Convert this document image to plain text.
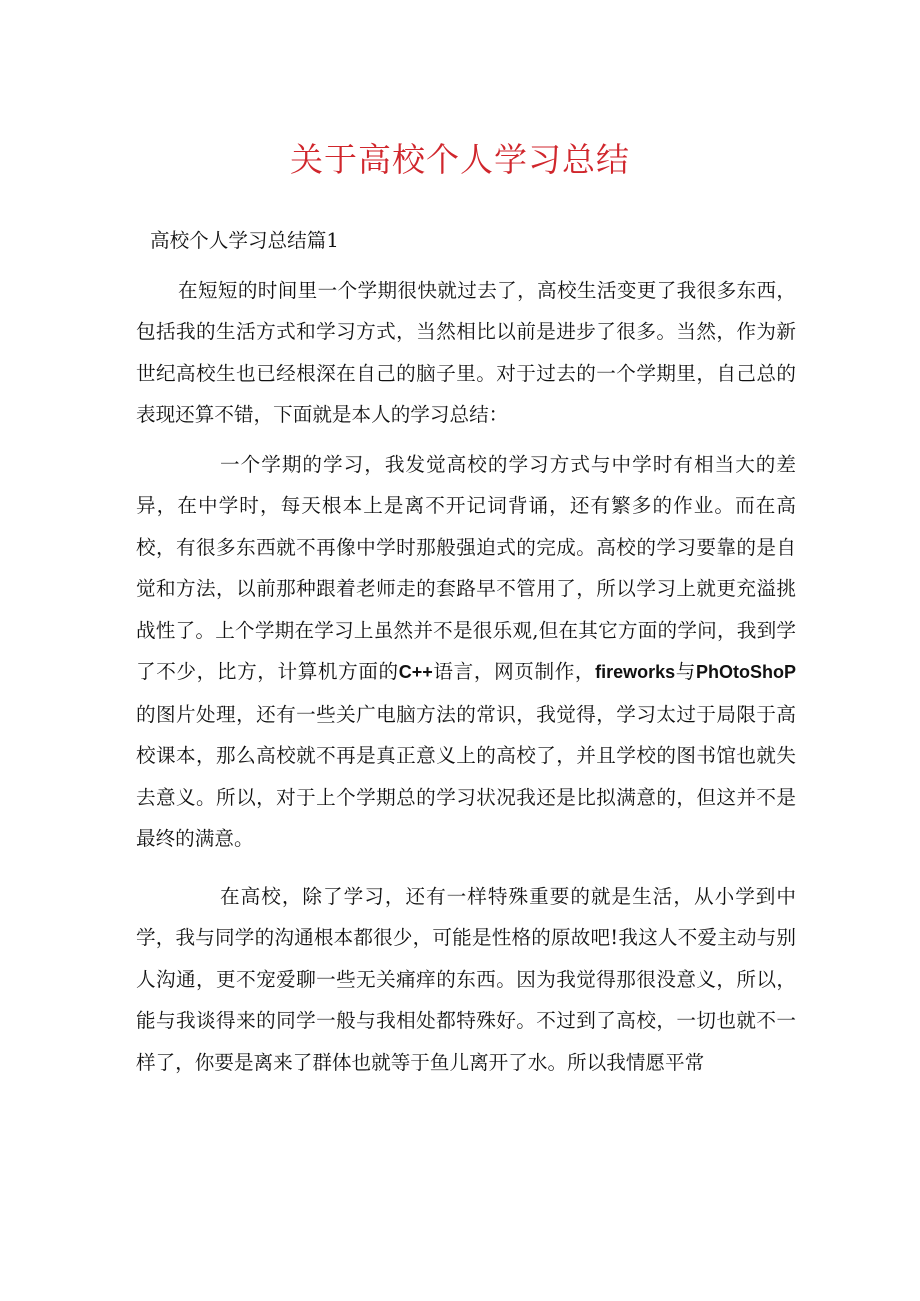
关于高校个人学习总结

高校个人学习总结篇1

在短短的时间里一个学期很快就过去了，高校生活变更了我很多东西，包括我的生活方式和学习方式，当然相比以前是进步了很多。当然，作为新世纪高校生也已经根深在自己的脑子里。对于过去的一个学期里，自己总的表现还算不错，下面就是本人的学习总结：

一个学期的学习，我发觉高校的学习方式与中学时有相当大的差异，在中学时，每天根本上是离不开记词背诵，还有繁多的作业。而在高校，有很多东西就不再像中学时那般强迫式的完成。高校的学习要靠的是自觉和方法，以前那种跟着老师走的套路早不管用了，所以学习上就更充溢挑战性了。上个学期在学习上虽然并不是很乐观,但在其它方面的学问，我到学了不少，比方，计算机方面的C++语言，网页制作，fireworks与PhOtoShoP的图片处理，还有一些关广电脑方法的常识，我觉得，学习太过于局限于高校课本，那么高校就不再是真正意义上的高校了，并且学校的图书馆也就失去意义。所以，对于上个学期总的学习状况我还是比拟满意的，但这并不是最终的满意。

在高校，除了学习，还有一样特殊重要的就是生活，从小学到中学，我与同学的沟通根本都很少，可能是性格的原故吧!我这人不爱主动与别人沟通，更不宠爱聊一些无关痛痒的东西。因为我觉得那很没意义，所以，能与我谈得来的同学一般与我相处都特殊好。不过到了高校，一切也就不一样了，你要是离来了群体也就等于鱼儿离开了水。所以我情愿平常
